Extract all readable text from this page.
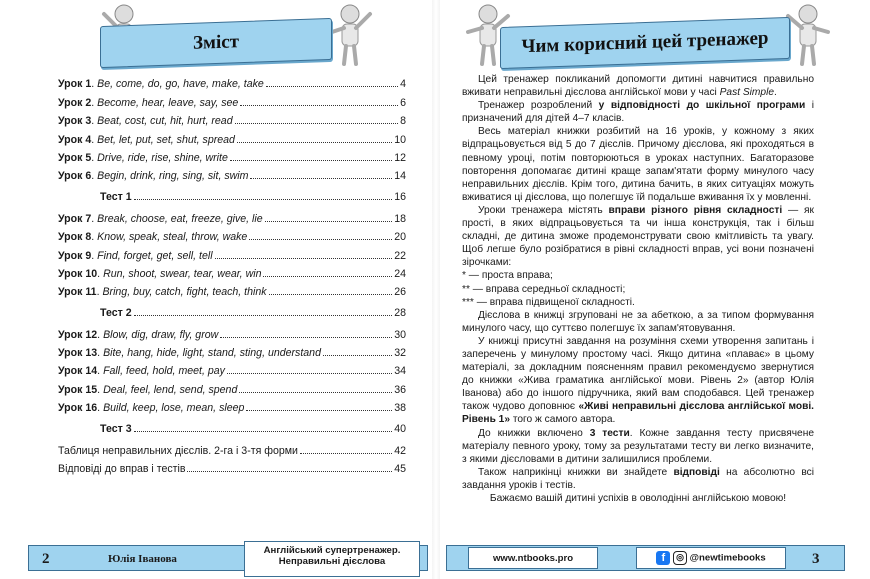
Зміст
Урок 1. Be, come, do, go, have, make, take	4
Урок 2. Become, hear, leave, say, see	6
Урок 3. Beat, cost, cut, hit, hurt, read	8
Урок 4. Bet, let, put, set, shut, spread	10
Урок 5. Drive, ride, rise, shine, write	12
Урок 6. Begin, drink, ring, sing, sit, swim	14
Тест 1	16
Урок 7. Break, choose, eat, freeze, give, lie	18
Урок 8. Know, speak, steal, throw, wake	20
Урок 9. Find, forget, get, sell, tell	22
Урок 10. Run, shoot, swear, tear, wear, win	24
Урок 11. Bring, buy, catch, fight, teach, think	26
Тест 2	28
Урок 12. Blow, dig, draw, fly, grow	30
Урок 13. Bite, hang, hide, light, stand, sting, understand	32
Урок 14. Fall, feed, hold, meet, pay	34
Урок 15. Deal, feel, lend, send, spend	36
Урок 16. Build, keep, lose, mean, sleep	38
Тест 3	40
Таблиця неправильних дієслів. 2-га і 3-тя форми	42
Відповіді до вправ і тестів	45
2	Юлія Іванова
Англійський супертренажер.
Неправильні дієслова
Чим корисний цей тренажер

Цей тренажер покликаний допомогти дитині навчитися правильно вживати неправильні дієслова англійської мови у часі Past Simple.

Тренажер розроблений у відповідності до шкільної програми і призначений для дітей 4–7 класів.

Весь матеріал книжки розбитий на 16 уроків, у кожному з яких відпрацьовується від 5 до 7 дієслів. Причому дієслова, які проходяться в певному уроці, потім повторюються в уроках наступних. Багаторазове повторення допомагає дитині краще запам'ятати форму минулого часу неправильних дієслів. Крім того, дитина бачить, в яких ситуаціях можуть вживатися ці дієслова, що полегшує їй подальше вживання їх у мовленні.

Уроки тренажера містять вправи різного рівня складності — як прості, в яких відпрацьовується та чи інша конструкція, так і більш складні, де дитина зможе продемонструвати свою кмітливість та увагу. Щоб легше було розібратися в рівні складності вправ, усі вони позначені зірочками:

* — проста вправа;

** — вправа середньої складності;

*** — вправа підвищеної складності.

Дієслова в книжці згруповані не за абеткою, а за типом формування минулого часу, що суттєво полегшує їх запам'ятовування.

У книжці присутні завдання на розуміння схеми утворення запитань і заперечень у минулому простому часі. Якщо дитина «плаває» в цьому матеріалі, за докладним поясненням правил рекомендуємо звернутися до книжки «Жива граматика англійської мови. Рівень 2» (автор Юлія Іванова) або до іншого підручника, який вам сподобався. Цей тренажер також чудово доповнює «Живі неправильні дієслова англійської мові. Рівень 1» того ж самого автора.

До книжки включено 3 тести. Кожне завдання тесту присвячене матеріалу певного уроку, тому за результатами тесту ви легко визначите, з якими дієсловами в дитини залишилися проблеми.

Також наприкінці книжки ви знайдете відповіді на абсолютно всі завдання уроків і тестів.

Бажаємо вашій дитині успіхів в оволодінні англійською мовою!

www.ntbooks.pro	f ◎ @newtimebooks	3
